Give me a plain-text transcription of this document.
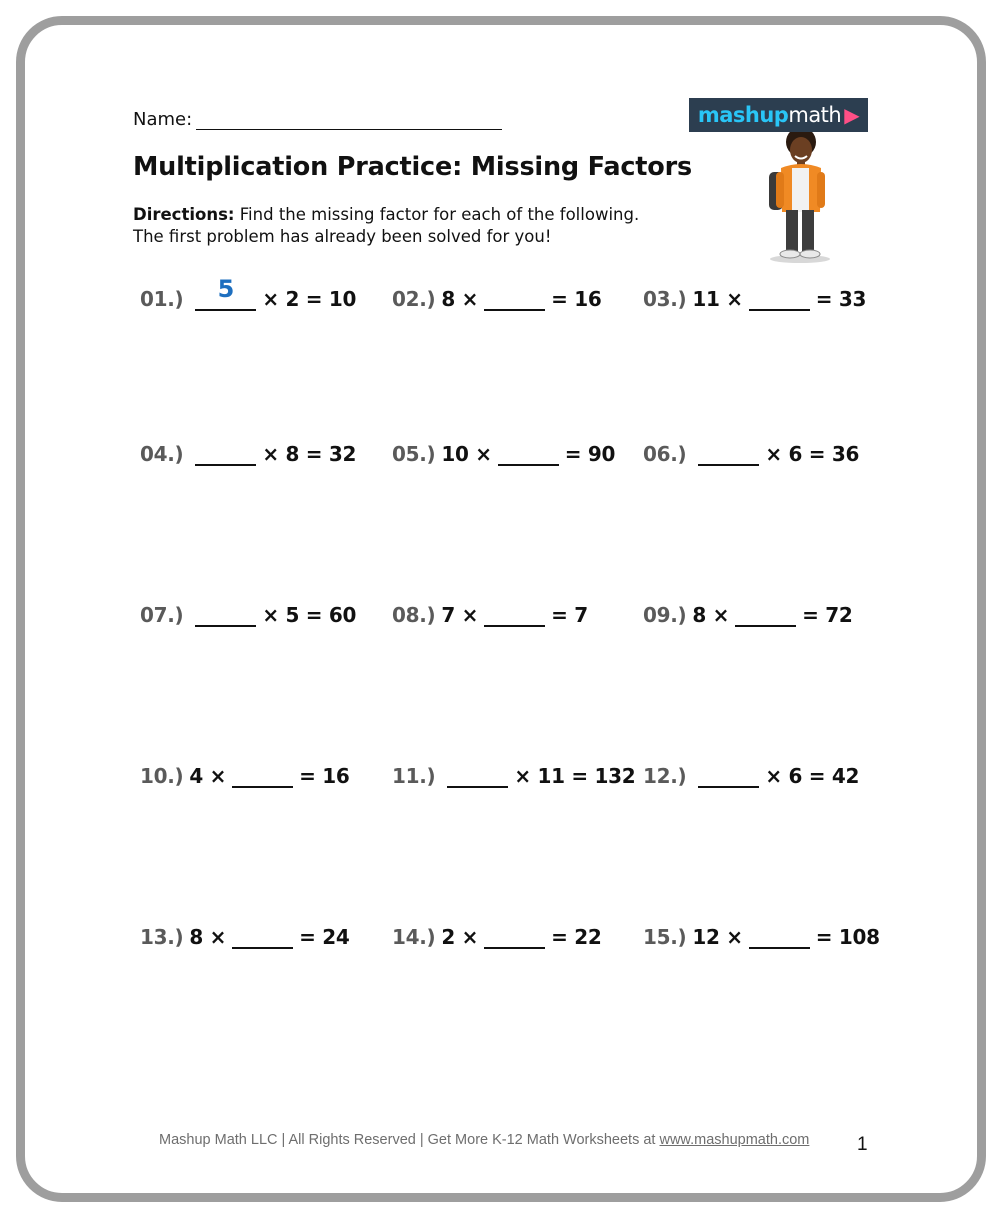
Name:
Multiplication Practice: Missing Factors
Directions: Find the missing factor for each of the following.
The first problem has already been solved for you!
mashup math ▶
01.)	5	× 2 = 10 02.) 8 ×	= 16 03.) 11 ×	= 33
04.)	× 8 = 32 05.) 10 ×	= 90 06.)	× 6 = 36
07.)	× 5 = 60 08.) 7 ×	= 7	09.) 8 ×	= 72
10.) 4 ×	= 16 11.)	× 11 = 132 12.)	× 6 = 42
13.) 8 ×	= 24 14.) 2 ×	= 22 15.) 12 ×	= 108
Mashup Math LLC | All Rights Reserved | Get More K-12 Math Worksheets at www.mashupmath.com	1
